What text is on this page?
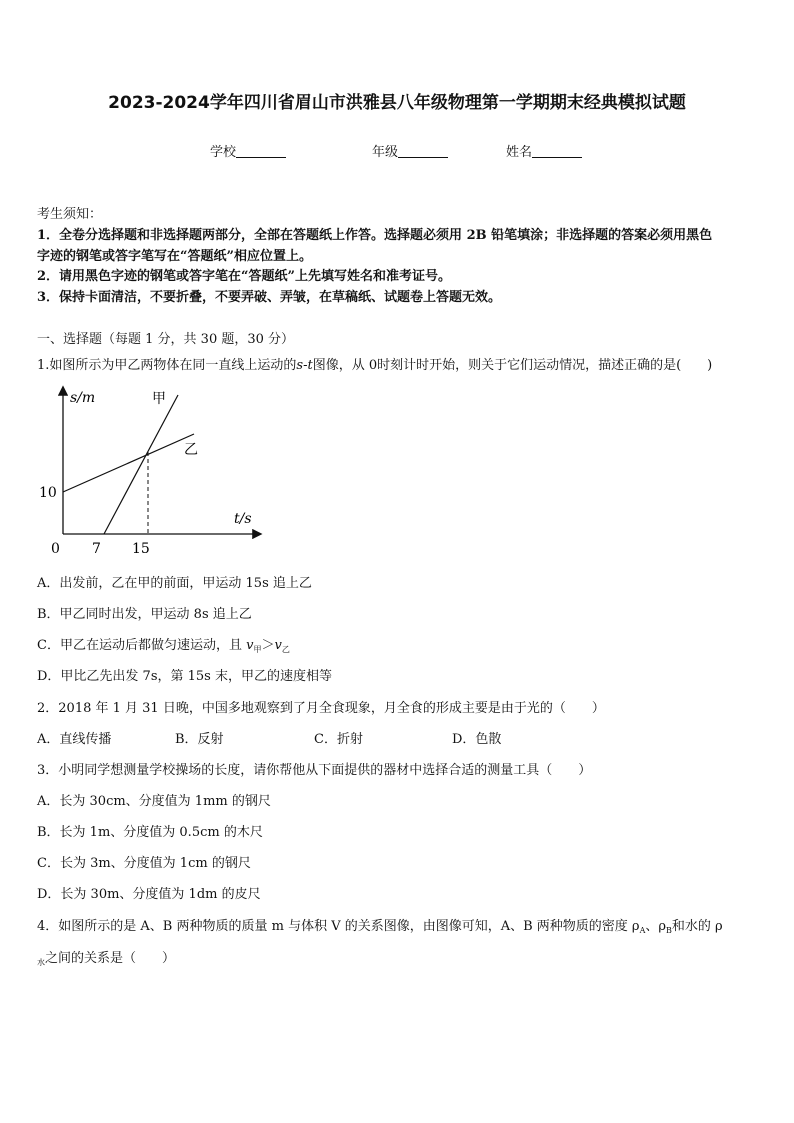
2023-2024学年四川省眉山市洪雅县八年级物理第一学期期末经典模拟试题
学校	年级	姓名
考生须知：
1．全卷分选择题和非选择题两部分，全部在答题纸上作答。选择题必须用 2B 铅笔填涂；非选择题的答案必须用黑色
字迹的钢笔或答字笔写在“答题纸”相应位置上。
2．请用黑色字迹的钢笔或答字笔在“答题纸”上先填写姓名和准考证号。
3．保持卡面清洁，不要折叠，不要弄破、弄皱，在草稿纸、试题卷上答题无效。
一、选择题（每题 1 分，共 30 题，30 分）
1.如图所示为甲乙两物体在同一直线上运动的s-t图像，从 0时刻计时开始，则关于它们运动情况，描述正确的是(　　)
s/m
t/s
甲
乙
10
0 7 15
A．出发前，乙在甲的前面，甲运动 15s 追上乙
B．甲乙同时出发，甲运动 8s 追上乙
C．甲乙在运动后都做匀速运动，且 $v_甲>v_乙$
D．甲比乙先出发 7s，第 15s 末，甲乙的速度相等
2．2018 年 1 月 31 日晚，中国多地观察到了月全食现象，月全食的形成主要是由于光的（　　）
A．直线传播	B．反射	C．折射	D．色散
3．小明同学想测量学校操场的长度，请你帮他从下面提供的器材中选择合适的测量工具（　　）
A．长为 30cm、分度值为 1mm 的钢尺
B．长为 1m、分度值为 0.5cm 的木尺
C．长为 3m、分度值为 1cm 的钢尺
D．长为 30m、分度值为 1dm 的皮尺
4．如图所示的是 A、B 两种物质的质量 m 与体积 V 的关系图像，由图像可知，A、B 两种物质的密度 $\rho_A$、$\rho_B$和水的 ρ
$_水$之间的关系是（　　）
